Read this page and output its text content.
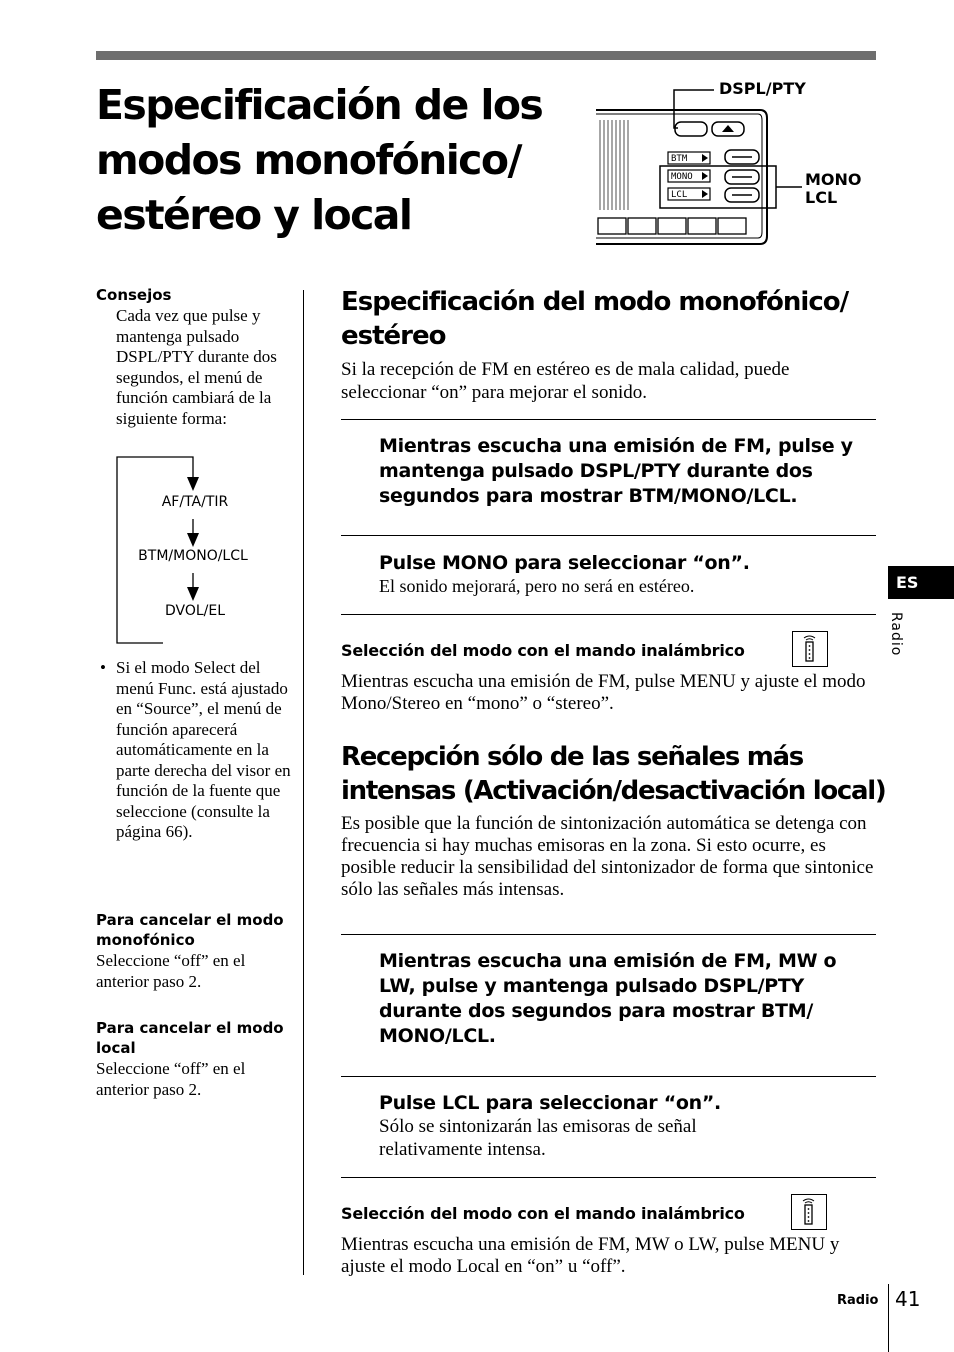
Especificación de los
modos monofónico/
estéreo y local
BTM
MONO
LCL
DSPL/PTY
MONO
LCL
Consejos
Cada vez que pulse y mantenga pulsado DSPL/PTY durante dos segundos, el menú de función cambiará de la siguiente forma:
AF/TA/TIR
BTM/MONO/LCL
DVOL/EL
• Si el modo Select del menú Func. está ajustado en “Source”, el menú de función aparecerá automáticamente en la parte derecha del visor en función de la fuente que seleccione (consulte la página 66).
Para cancelar el modo monofónico
Seleccione “off” en el anterior paso 2.
Para cancelar el modo local
Seleccione “off” en el anterior paso 2.
Especificación del modo monofónico/ estéreo
Si la recepción de FM en estéreo es de mala calidad, puede seleccionar “on” para mejorar el sonido.
Mientras escucha una emisión de FM, pulse y mantenga pulsado DSPL/PTY durante dos segundos para mostrar BTM/MONO/LCL.
Pulse MONO para seleccionar “on”.
El sonido mejorará, pero no será en estéreo.
Selección del modo con el mando inalámbrico
Mientras escucha una emisión de FM, pulse MENU y ajuste el modo Mono/Stereo en “mono” o “stereo”.
Recepción sólo de las señales más intensas (Activación/desactivación local)
Es posible que la función de sintonización automática se detenga con frecuencia si hay muchas emisoras en la zona. Si esto ocurre, es posible reducir la sensibilidad del sintonizador de forma que sintonice sólo las señales más intensas.
Mientras escucha una emisión de FM, MW o LW, pulse y mantenga pulsado DSPL/PTY durante dos segundos para mostrar BTM/ MONO/LCL.
Pulse LCL para seleccionar “on”.
Sólo se sintonizarán las emisoras de señal relativamente intensa.
Selección del modo con el mando inalámbrico
Mientras escucha una emisión de FM, MW o LW, pulse MENU y ajuste el modo Local en “on” u “off”.
ES
Radio
Radio 41
